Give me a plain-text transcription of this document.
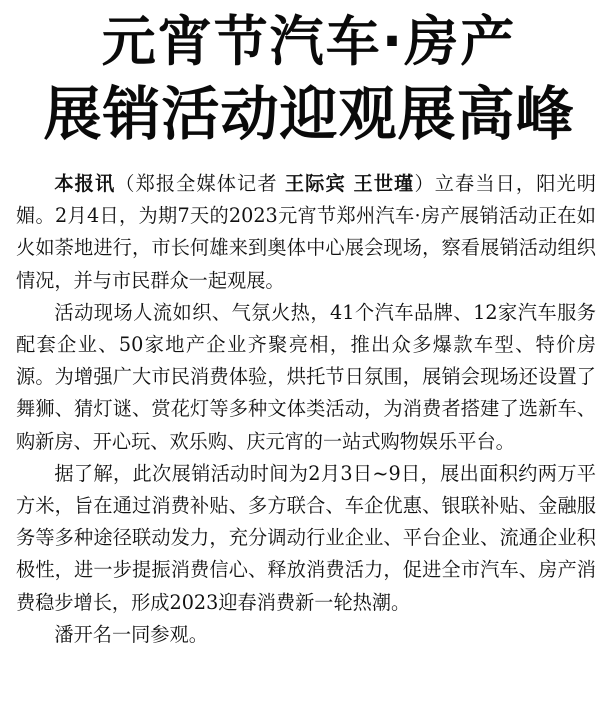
元宵节汽车·房产
展销活动迎观展高峰

本报讯（郑报全媒体记者 王际宾 王世瑾）立春当日，阳光明媚。2月4日，为期7天的2023元宵节郑州汽车·房产展销活动正在如火如荼地进行，市长何雄来到奥体中心展会现场，察看展销活动组织情况，并与市民群众一起观展。

活动现场人流如织、气氛火热，41个汽车品牌、12家汽车服务配套企业、50家地产企业齐聚亮相，推出众多爆款车型、特价房源。为增强广大市民消费体验，烘托节日氛围，展销会现场还设置了舞狮、猜灯谜、赏花灯等多种文体类活动，为消费者搭建了选新车、购新房、开心玩、欢乐购、庆元宵的一站式购物娱乐平台。

据了解，此次展销活动时间为2月3日~9日，展出面积约两万平方米，旨在通过消费补贴、多方联合、车企优惠、银联补贴、金融服务等多种途径联动发力，充分调动行业企业、平台企业、流通企业积极性，进一步提振消费信心、释放消费活力，促进全市汽车、房产消费稳步增长，形成2023迎春消费新一轮热潮。

潘开名一同参观。
